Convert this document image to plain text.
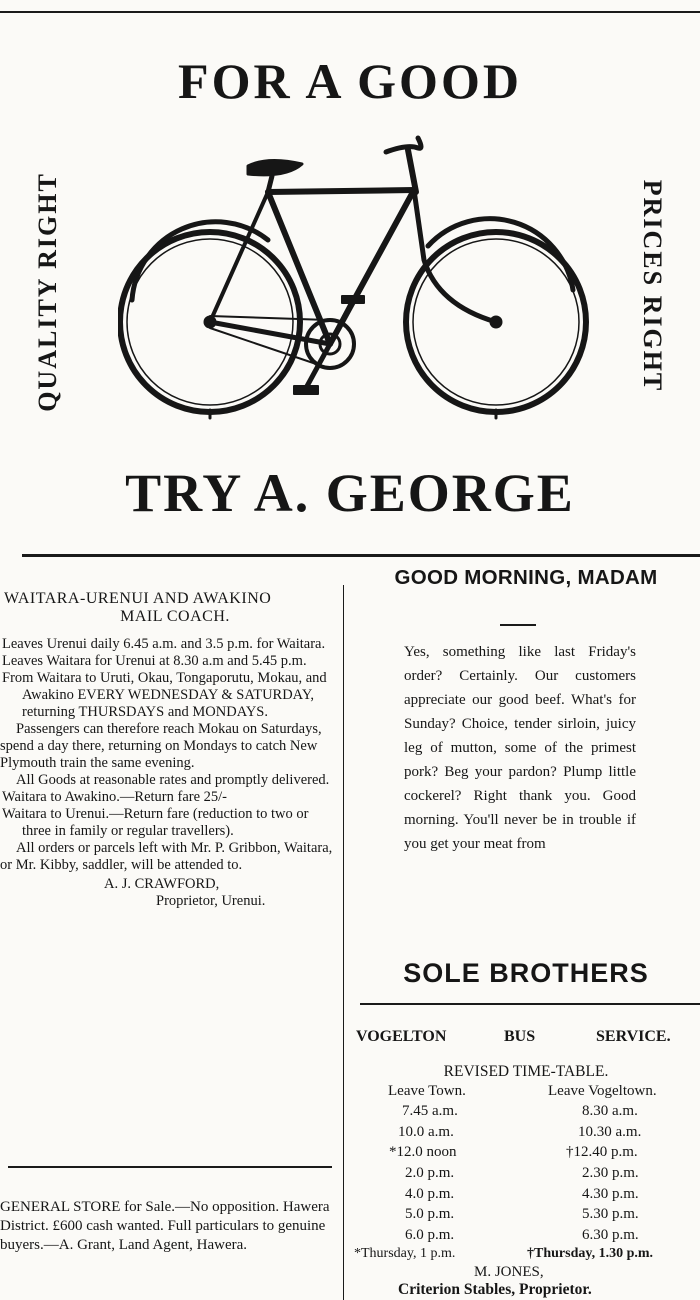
FOR A GOOD
QUALITY RIGHT	PRICES RIGHT
TRY A. GEORGE
WAITARA-URENUI AND AWAKINO
MAIL COACH.

Leaves Urenui daily 6.45 a.m. and 3.5 p.m. for Waitara.

Leaves Waitara for Urenui at 8.30 a.m and 5.45 p.m.

From Waitara to Uruti, Okau, Tongaporutu, Mokau, and Awakino EVERY WEDNESDAY & SATURDAY, returning THURSDAYS and MONDAYS.

Passengers can therefore reach Mokau on Saturdays, spend a day there, returning on Mondays to catch New Plymouth train the same evening.

All Goods at reasonable rates and promptly delivered.

Waitara to Awakino.—Return fare 25/-

Waitara to Urenui.—Return fare (reduction to two or three in family or regular travellers).

All orders or parcels left with Mr. P. Gribbon, Waitara, or Mr. Kibby, saddler, will be attended to.

A. J. CRAWFORD,
Proprietor, Urenui.
GENERAL STORE for Sale.—No opposition. Hawera District. £600 cash wanted. Full particulars to genuine buyers.—A. Grant, Land Agent, Hawera.
GOOD MORNING, MADAM
Yes, something like last Friday's order? Certainly. Our customers appreciate our good beef. What's for Sunday? Choice, tender sirloin, juicy leg of mutton, some of the primest pork? Beg your pardon? Plump little cockerel? Right thank you. Good morning. You'll never be in trouble if you get your meat from
SOLE BROTHERS
VOGELTON	BUS	SERVICE.
REVISED TIME-TABLE.
Leave Town.	Leave Vogeltown.
7.45 a.m.	8.30 a.m.
10.0 a.m.	10.30 a.m.
*12.0 noon	†12.40 p.m.
2.0 p.m.	2.30 p.m.
4.0 p.m.	4.30 p.m.
5.0 p.m.	5.30 p.m.
6.0 p.m.	6.30 p.m.
*Thursday, 1 p.m.	†Thursday, 1.30 p.m.
M. JONES,
Criterion Stables, Proprietor.
